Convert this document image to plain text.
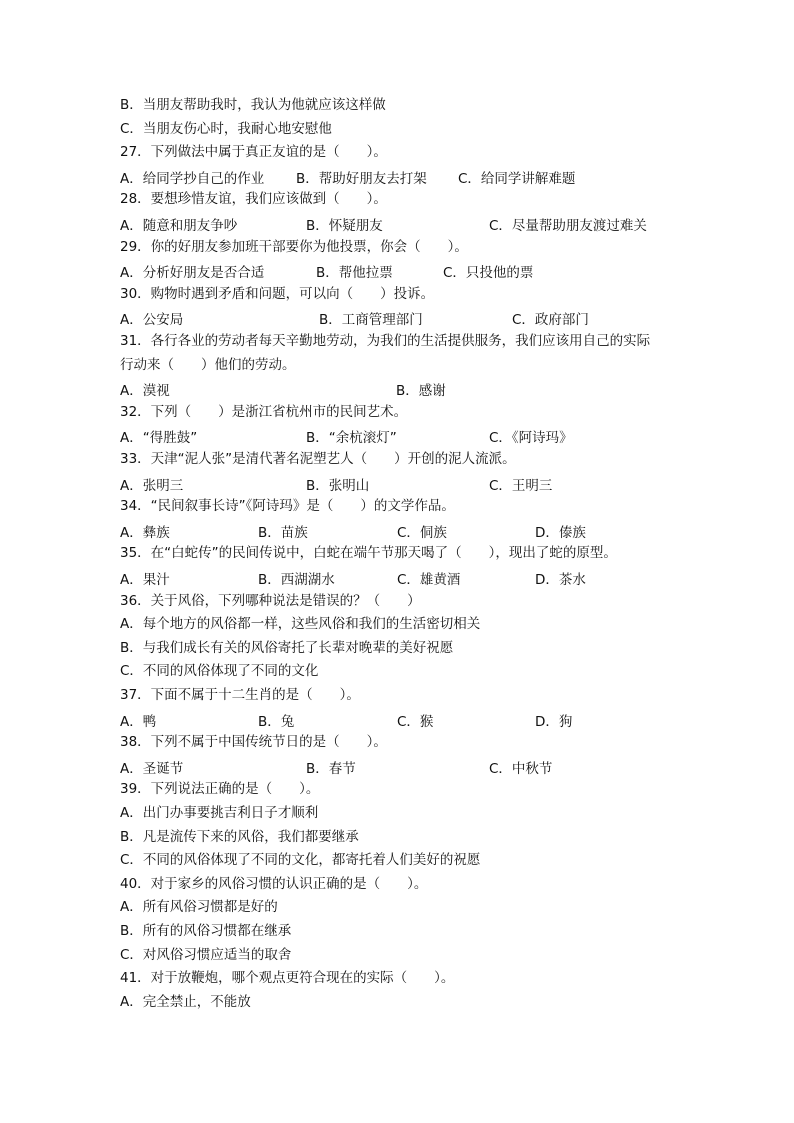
B．当朋友帮助我时，我认为他就应该这样做
C．当朋友伤心时，我耐心地安慰他
27．下列做法中属于真正友谊的是（　　）。
A．给同学抄自己的作业 B．帮助好朋友去打架 C．给同学讲解难题
28．要想珍惜友谊，我们应该做到（　　）。
A．随意和朋友争吵	B．怀疑朋友	C．尽量帮助朋友渡过难关
29．你的好朋友参加班干部要你为他投票，你会（　　）。
A．分析好朋友是否合适	B．帮他拉票	C．只投他的票
30．购物时遇到矛盾和问题，可以向（　　）投诉。
A．公安局	B．工商管理部门	C．政府部门
31．各行各业的劳动者每天辛勤地劳动，为我们的生活提供服务，我们应该用自己的实际
行动来（　　）他们的劳动。
A．漠视	B．感谢
32．下列（　　）是浙江省杭州市的民间艺术。
A．“得胜鼓”	B．“余杭滚灯”	C．《阿诗玛》
33．天津“泥人张”是清代著名泥塑艺人（　　）开创的泥人流派。
A．张明三	B．张明山	C．王明三
34．“民间叙事长诗”《阿诗玛》是（　　）的文学作品。
A．彝族	B．苗族	C．侗族	D．傣族
35．在“白蛇传”的民间传说中，白蛇在端午节那天喝了（　　），现出了蛇的原型。
A．果汁	B．西湖湖水	C．雄黄酒	D．茶水
36．关于风俗，下列哪种说法是错误的？（　　）
A．每个地方的风俗都一样，这些风俗和我们的生活密切相关
B．与我们成长有关的风俗寄托了长辈对晚辈的美好祝愿
C．不同的风俗体现了不同的文化
37．下面不属于十二生肖的是（　　）。
A．鸭	B．兔	C．猴	D．狗
38．下列不属于中国传统节日的是（　　）。
A．圣诞节	B．春节	C．中秋节
39．下列说法正确的是（　　）。
A．出门办事要挑吉利日子才顺利
B．凡是流传下来的风俗，我们都要继承
C．不同的风俗体现了不同的文化，都寄托着人们美好的祝愿
40．对于家乡的风俗习惯的认识正确的是（　　）。
A．所有风俗习惯都是好的
B．所有的风俗习惯都在继承
C．对风俗习惯应适当的取舍
41．对于放鞭炮，哪个观点更符合现在的实际（　　）。
A．完全禁止，不能放
